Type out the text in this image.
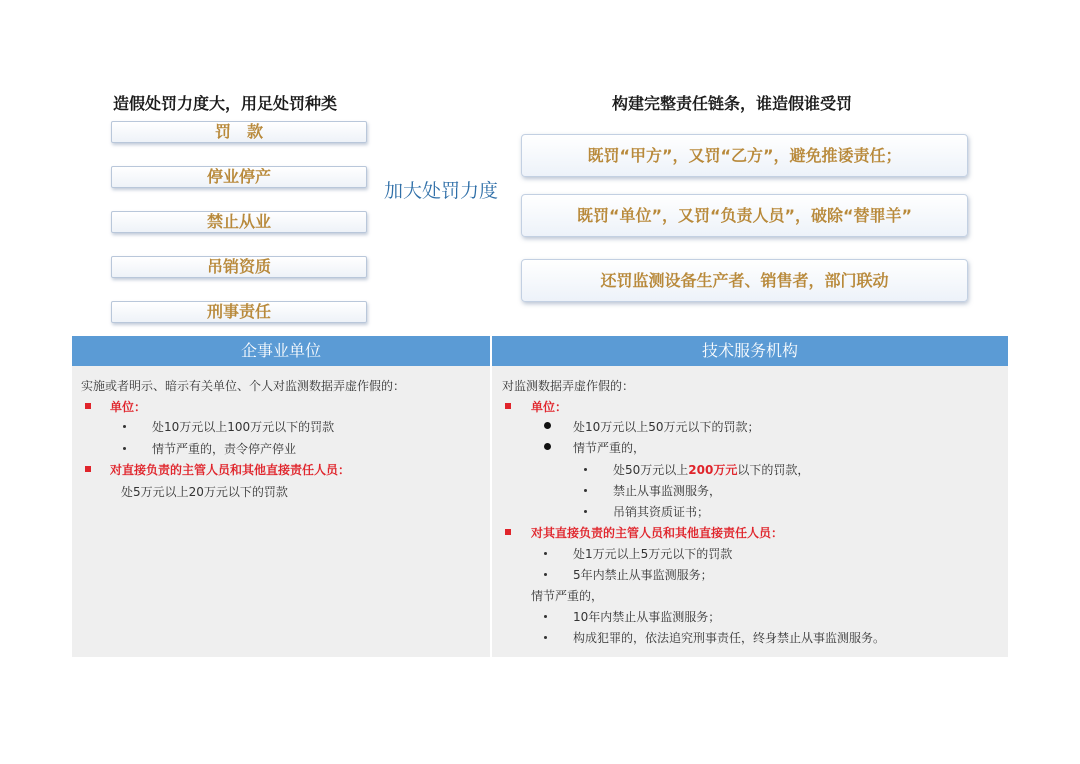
造假处罚力度大，用足处罚种类	构建完整责任链条，谁造假谁受罚
罚　款
停业停产
禁止从业
吊销资质
刑事责任
加大处罚力度
既罚“甲方”，又罚“乙方”，避免推诿责任；
既罚“单位”，又罚“负责人员”，破除“替罪羊”
还罚监测设备生产者、销售者，部门联动
企事业单位	技术服务机构
实施或者明示、暗示有关单位、个人对监测数据弄虚作假的：
单位：
处10万元以上100万元以下的罚款
情节严重的，责令停产停业
对直接负责的主管人员和其他直接责任人员：
处5万元以上20万元以下的罚款
对监测数据弄虚作假的：
单位：
处10万元以上50万元以下的罚款；
情节严重的，
处50万元以上200万元以下的罚款，
禁止从事监测服务，
吊销其资质证书；
对其直接负责的主管人员和其他直接责任人员：
处1万元以上5万元以下的罚款
5年内禁止从事监测服务；
情节严重的，
10年内禁止从事监测服务；
构成犯罪的，依法追究刑事责任，终身禁止从事监测服务。
